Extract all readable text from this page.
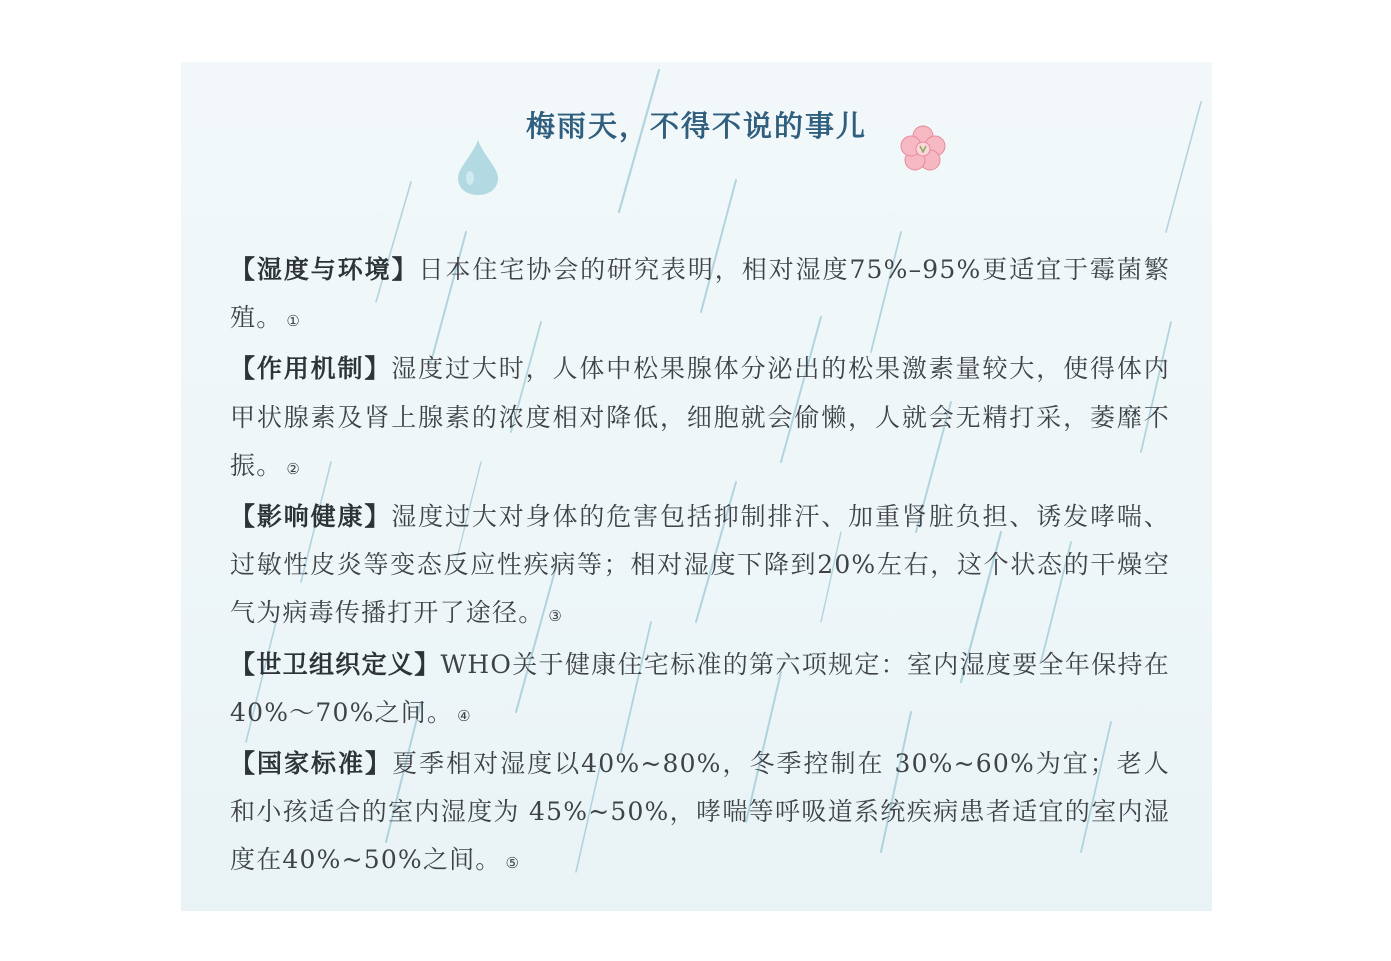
梅雨天，不得不说的事儿

【湿度与环境】日本住宅协会的研究表明，相对湿度75%–95%更适宜于霉菌繁殖。 ①

【作用机制】湿度过大时，人体中松果腺体分泌出的松果激素量较大，使得体内甲状腺素及肾上腺素的浓度相对降低，细胞就会偷懒，人就会无精打采，萎靡不振。 ②

【影响健康】湿度过大对身体的危害包括抑制排汗、加重肾脏负担、诱发哮喘、过敏性皮炎等变态反应性疾病等；相对湿度下降到20%左右，这个状态的干燥空气为病毒传播打开了途径。 ③

【世卫组织定义】WHO关于健康住宅标准的第六项规定：室内湿度要全年保持在40%～70%之间。 ④

【国家标准】夏季相对湿度以40%~80%，冬季控制在 30%~60%为宜；老人和小孩适合的室内湿度为 45%~50%，哮喘等呼吸道系统疾病患者适宜的室内湿度在40%~50%之间。 ⑤
